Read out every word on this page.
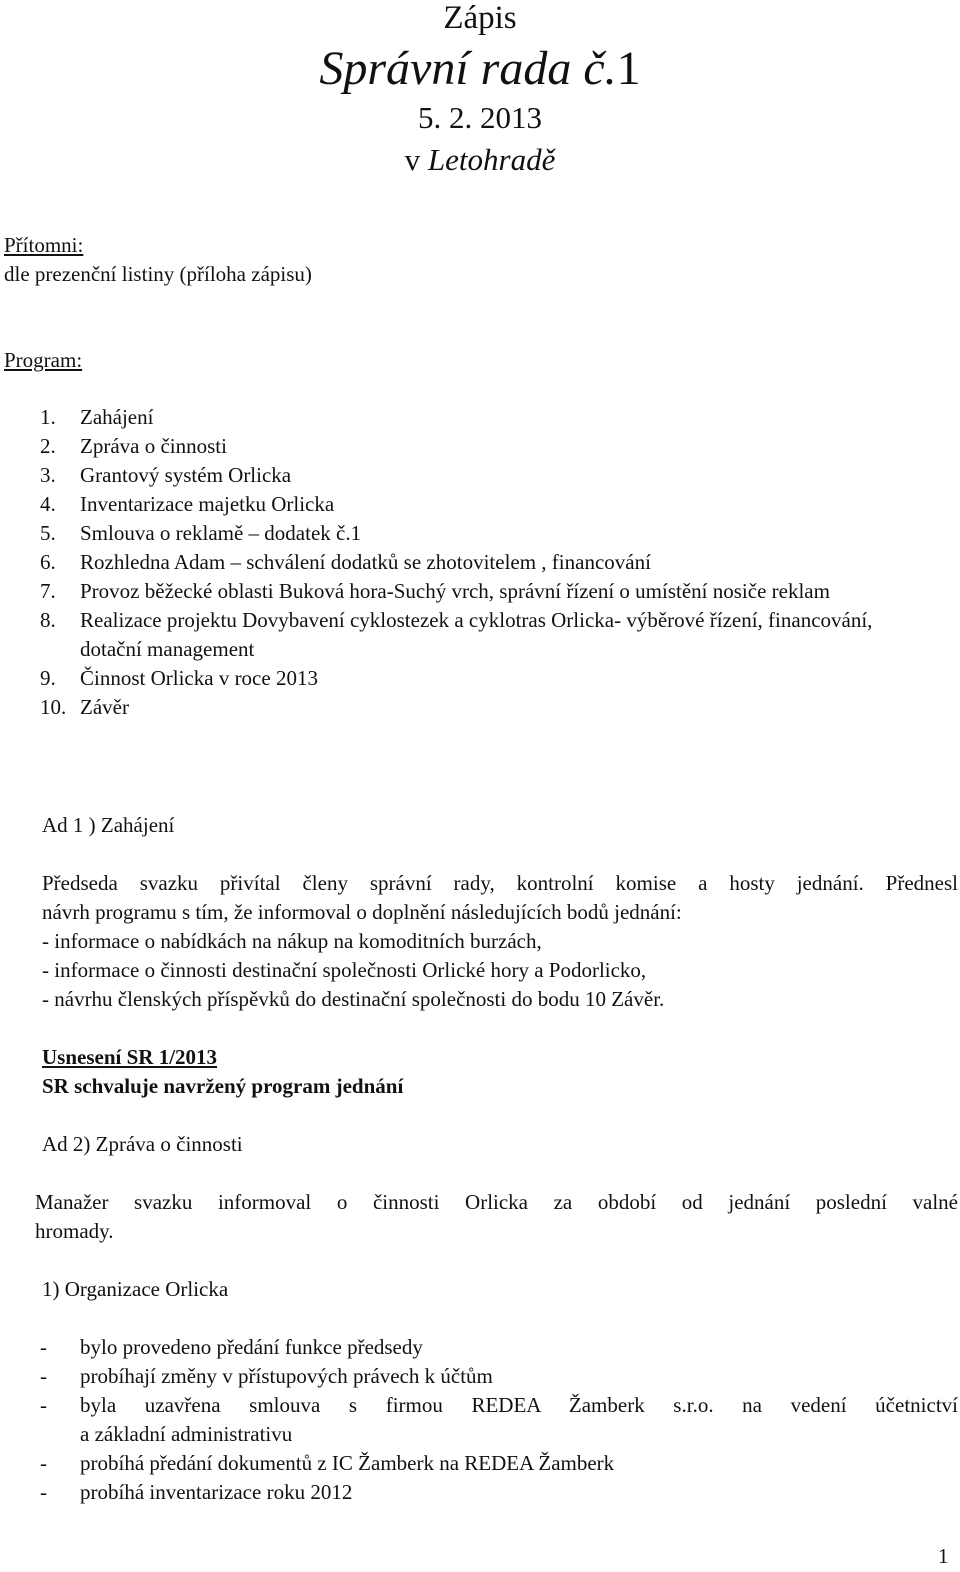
Zápis
Správní rada č.1
5. 2. 2013
v Letohradě
Přítomni:
dle prezenční listiny (příloha zápisu)
Program:
1. Zahájení
2. Zpráva o činnosti
3. Grantový systém Orlicka
4. Inventarizace majetku Orlicka
5. Smlouva o reklamě – dodatek č.1
6. Rozhledna Adam – schválení dodatků se zhotovitelem , financování
7. Provoz běžecké oblasti Buková hora-Suchý vrch, správní řízení o umístění nosiče reklam
8. Realizace projektu Dovybavení cyklostezek a cyklotras Orlicka- výběrové řízení, financování, dotační management
9. Činnost Orlicka v roce 2013
10. Závěr
Ad 1 ) Zahájení
Předseda svazku přivítal členy správní rady, kontrolní komise a hosty jednání. Přednesl
návrh programu s tím, že informoval o doplnění následujících bodů jednání:
- informace o nabídkách na nákup na komoditních burzách,
- informace o činnosti destinační společnosti Orlické hory a Podorlicko,
- návrhu členských příspěvků do destinační společnosti do bodu 10 Závěr.
Usnesení SR 1/2013
SR schvaluje navržený program jednání
Ad 2) Zpráva o činnosti
Manažer svazku informoval o činnosti Orlicka za období od jednání poslední valné
hromady.
1) Organizace Orlicka
- bylo provedeno předání funkce předsedy
- probíhají změny v přístupových právech k účtům
- byla uzavřena smlouva s firmou REDEA Žamberk s.r.o. na vedení účetnictví
a základní administrativu
- probíhá předání dokumentů z IC Žamberk na REDEA Žamberk
- probíhá inventarizace roku 2012
1
